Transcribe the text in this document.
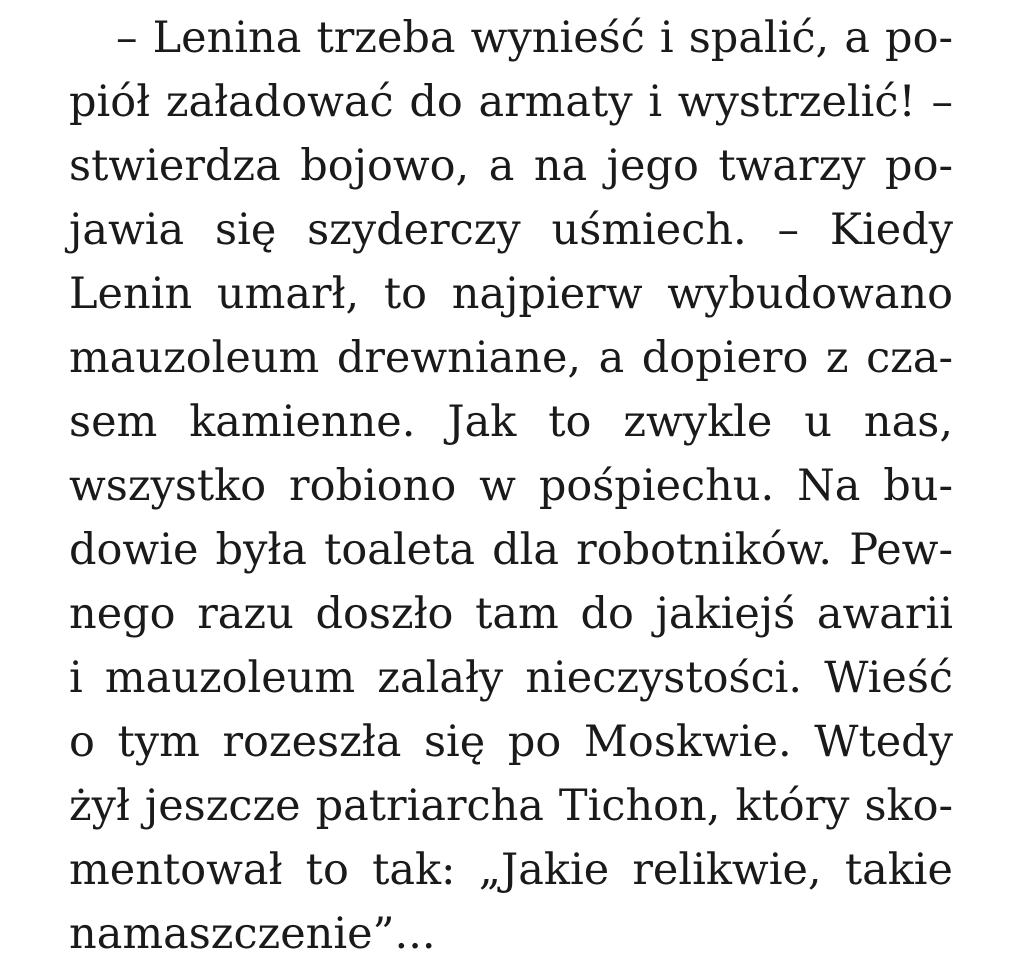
– Lenina trzeba wynieść i spalić, a po-
piół załadować do armaty i wystrzelić! –
stwierdza bojowo, a na jego twarzy po-
jawia się szyderczy uśmiech. – Kiedy
Lenin umarł, to najpierw wybudowano
mauzoleum drewniane, a dopiero z cza-
sem kamienne. Jak to zwykle u nas,
wszystko robiono w pośpiechu. Na bu-
dowie była toaleta dla robotników. Pew-
nego razu doszło tam do jakiejś awarii
i mauzoleum zalały nieczystości. Wieść
o tym rozeszła się po Moskwie. Wtedy
żył jeszcze patriarcha Tichon, który sko-
mentował to tak: „Jakie relikwie, takie
namaszczenie”...
